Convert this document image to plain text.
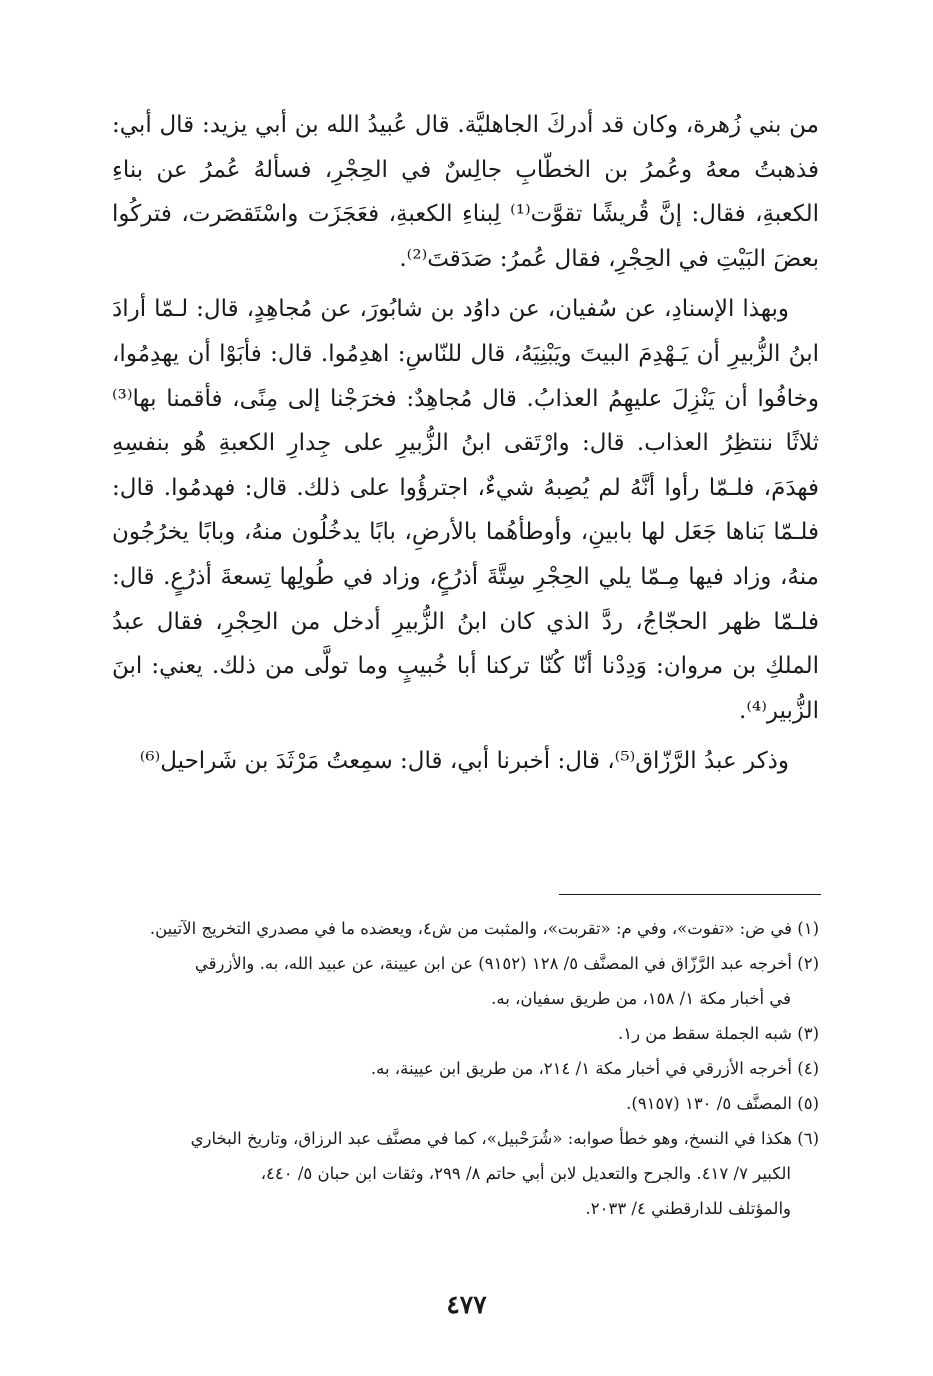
من بني زُهرة، وكان قد أدركَ الجاهليَّة. قال عُبيدُ الله بن أبي يزيد: قال أبي: فذهبتُ معهُ وعُمرُ بن الخطّابِ جالِسٌ في الحِجْرِ، فسألهُ عُمرُ عن بناءِ الكعبةِ، فقال: إنَّ قُريشًا تقوَّت⁽¹⁾ لِبناءِ الكعبةِ، فعَجَزَت واسْتَقصَرت، فتركُوا بعضَ البَيْتِ في الحِجْرِ، فقال عُمرُ: صَدَقتَ⁽²⁾.

وبهذا الإسنادِ، عن سُفيان، عن داوُد بن شابُورَ، عن مُجاهِدٍ، قال: لـمّا أرادَ ابنُ الزُّبيرِ أن يَـهْدِمَ البيتَ ويَبْنِيَهُ، قال للنّاسِ: اهدِمُوا. قال: فأبَوْا أن يهدِمُوا، وخافُوا أن يَنْزِلَ عليهِمُ العذابُ. قال مُجاهِدٌ: فخرَجْنا إلى مِنًى، فأقمنا بها⁽³⁾ ثلاثًا ننتظِرُ العذاب. قال: وارْتَقى ابنُ الزُّبيرِ على جِدارِ الكعبةِ هُو بنفسِهِ فهدَمَ، فلـمّا رأوا أنَّهُ لم يُصِبهُ شيءٌ، اجترؤُوا على ذلك. قال: فهدمُوا. قال: فلـمّا بَناها جَعَل لها بابينِ، وأوطأهُما بالأرضِ، بابًا يدخُلُون منهُ، وبابًا يخرُجُون منهُ، وزاد فيها مِـمّا يلي الحِجْرِ سِتَّةَ أذرُعٍ، وزاد في طُولِها تِسعةَ أذرُعٍ. قال: فلـمّا ظهر الحجّاجُ، ردَّ الذي كان ابنُ الزُّبيرِ أدخل من الحِجْرِ، فقال عبدُ الملكِ بن مروان: وَدِدْنا أنّا كُنّا تركنا أبا خُبيبٍ وما تولَّى من ذلك. يعني: ابنَ الزُّبير⁽⁴⁾.

وذكر عبدُ الرَّزّاق⁽⁵⁾، قال: أخبرنا أبي، قال: سمِعتُ مَرْثَدَ بن شَراحيل⁽⁶⁾

(١) في ض: «تفوت»، وفي م: «تقربت»، والمثبت من ش٤، ويعضده ما في مصدري التخريج الآتيين.

(٢) أخرجه عبد الرَّزّاق في المصنَّف ٥/ ١٢٨ (٩١٥٢) عن ابن عيينة، عن عبيد الله، به. والأزرقي

في أخبار مكة ١/ ١٥٨، من طريق سفيان، به.

(٣) شبه الجملة سقط من ر١.

(٤) أخرجه الأزرقي في أخبار مكة ١/ ٢١٤، من طريق ابن عيينة، به.

(٥) المصنَّف ٥/ ١٣٠ (٩١٥٧).

(٦) هكذا في النسخ، وهو خطأ صوابه: «شُرَحْبيل»، كما في مصنَّف عبد الرزاق، وتاريخ البخاري

الكبير ٧/ ٤١٧. والجرح والتعديل لابن أبي حاتم ٨/ ٢٩٩، وثقات ابن حبان ٥/ ٤٤٠،

والمؤتلف للدارقطني ٤/ ٢٠٣٣.

٤٧٧
